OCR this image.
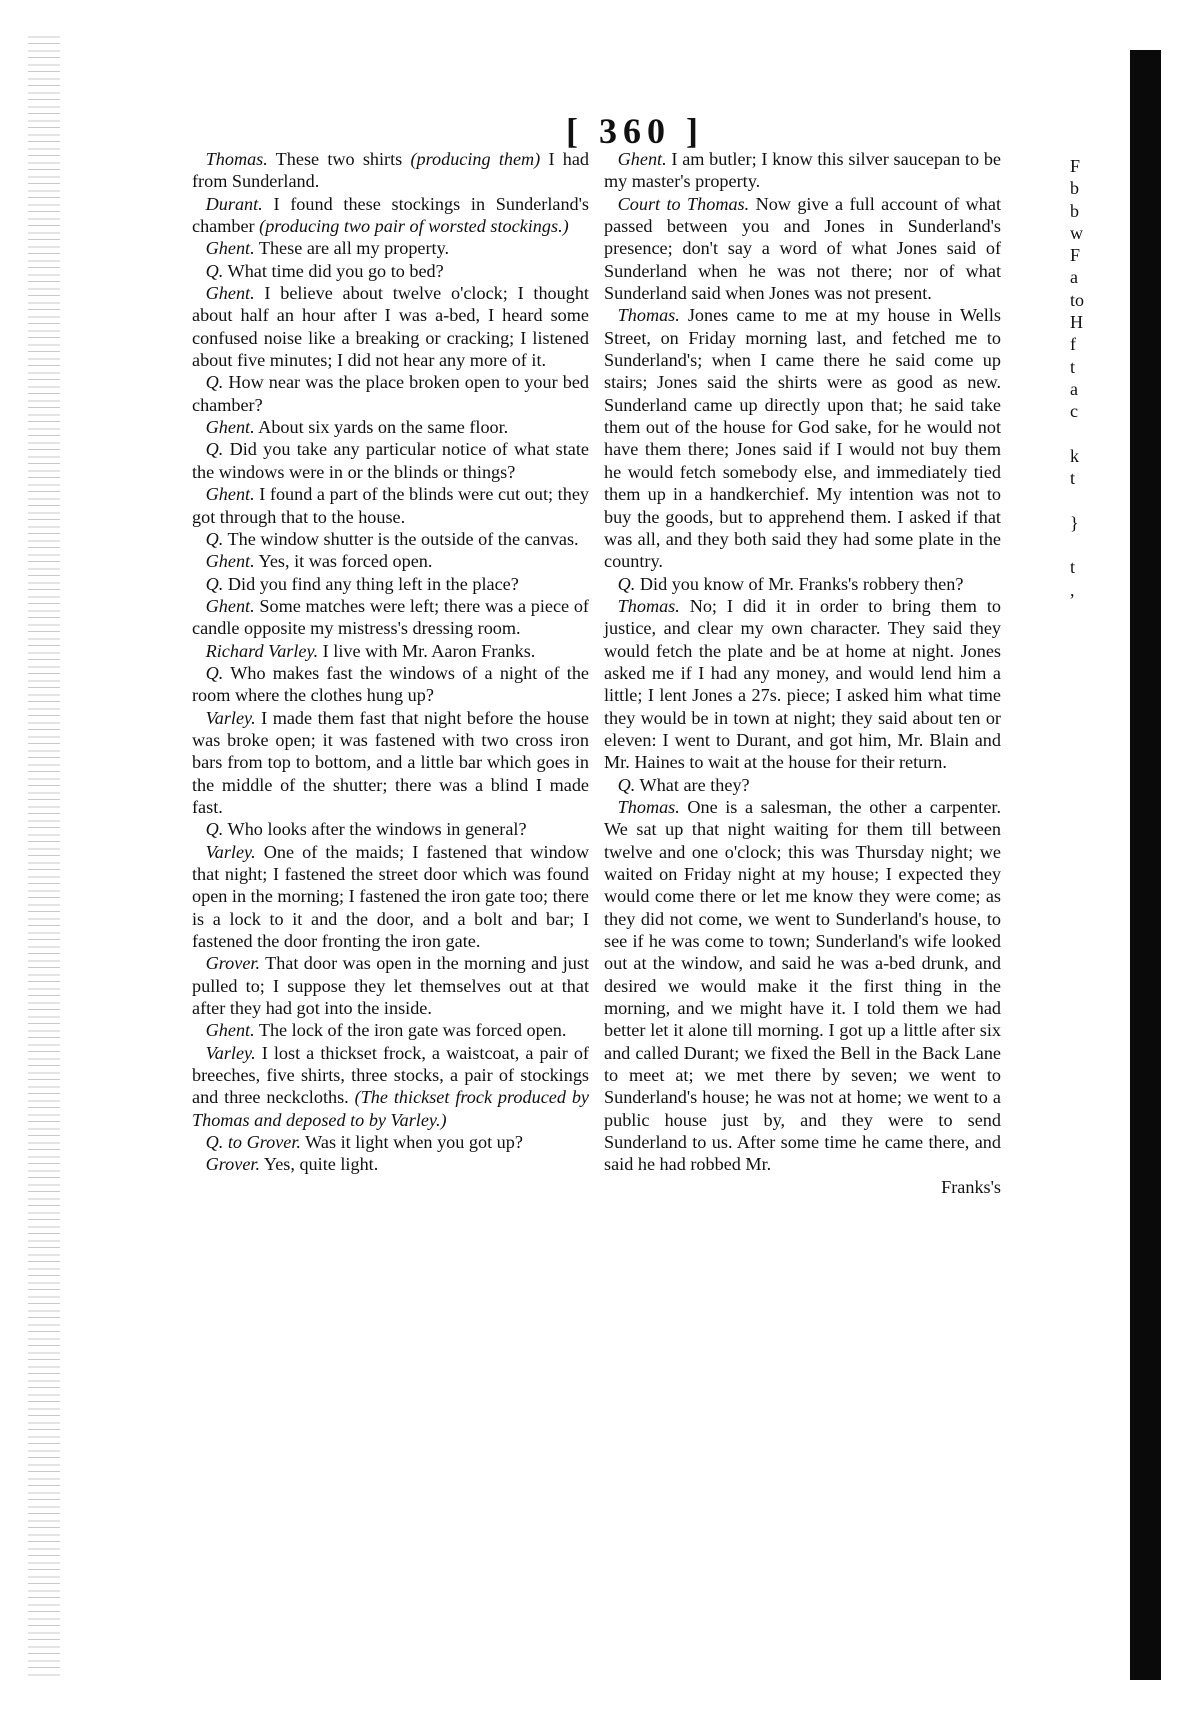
[ 360 ]

Thomas. These two shirts (producing them) I had from Sunderland.

Durant. I found these stockings in Sunderland's chamber (producing two pair of worsted stockings.)

Ghent. These are all my property.

Q. What time did you go to bed?

Ghent. I believe about twelve o'clock; I thought about half an hour after I was a-bed, I heard some confused noise like a breaking or cracking; I listened about five minutes; I did not hear any more of it.

Q. How near was the place broken open to your bed chamber?

Ghent. About six yards on the same floor.

Q. Did you take any particular notice of what state the windows were in or the blinds or things?

Ghent. I found a part of the blinds were cut out; they got through that to the house.

Q. The window shutter is the outside of the canvas.

Ghent. Yes, it was forced open.

Q. Did you find any thing left in the place?

Ghent. Some matches were left; there was a piece of candle opposite my mistress's dressing room.

Richard Varley. I live with Mr. Aaron Franks.

Q. Who makes fast the windows of a night of the room where the clothes hung up?

Varley. I made them fast that night before the house was broke open; it was fastened with two cross iron bars from top to bottom, and a little bar which goes in the middle of the shutter; there was a blind I made fast.

Q. Who looks after the windows in general?

Varley. One of the maids; I fastened that window that night; I fastened the street door which was found open in the morning; I fastened the iron gate too; there is a lock to it and the door, and a bolt and bar; I fastened the door fronting the iron gate.

Grover. That door was open in the morning and just pulled to; I suppose they let themselves out at that after they had got into the inside.

Ghent. The lock of the iron gate was forced open.

Varley. I lost a thickset frock, a waistcoat, a pair of breeches, five shirts, three stocks, a pair of stockings and three neckcloths. (The thickset frock produced by Thomas and deposed to by Varley.)

Q. to Grover. Was it light when you got up?

Grover. Yes, quite light.

Ghent. I am butler; I know this silver saucepan to be my master's property.

Court to Thomas. Now give a full account of what passed between you and Jones in Sunderland's presence; don't say a word of what Jones said of Sunderland when he was not there; nor of what Sunderland said when Jones was not present.

Thomas. Jones came to me at my house in Wells Street, on Friday morning last, and fetched me to Sunderland's; when I came there he said come up stairs; Jones said the shirts were as good as new. Sunderland came up directly upon that; he said take them out of the house for God sake, for he would not have them there; Jones said if I would not buy them he would fetch somebody else, and immediately tied them up in a handkerchief. My intention was not to buy the goods, but to apprehend them. I asked if that was all, and they both said they had some plate in the country.

Q. Did you know of Mr. Franks's robbery then?

Thomas. No; I did it in order to bring them to justice, and clear my own character. They said they would fetch the plate and be at home at night. Jones asked me if I had any money, and would lend him a little; I lent Jones a 27s. piece; I asked him what time they would be in town at night; they said about ten or eleven: I went to Durant, and got him, Mr. Blain and Mr. Haines to wait at the house for their return.

Q. What are they?

Thomas. One is a salesman, the other a carpenter. We sat up that night waiting for them till between twelve and one o'clock; this was Thursday night; we waited on Friday night at my house; I expected they would come there or let me know they were come; as they did not come, we went to Sunderland's house, to see if he was come to town; Sunderland's wife looked out at the window, and said he was a-bed drunk, and desired we would make it the first thing in the morning, and we might have it. I told them we had better let it alone till morning. I got up a little after six and called Durant; we fixed the Bell in the Back Lane to meet at; we met there by seven; we went to Sunderland's house; he was not at home; we went to a public house just by, and they were to send Sunderland to us. After some time he came there, and said he had robbed Mr.

Franks's

F
b
b
w
F
a
to
H
f
t
a
c
k
t
}
t
,
